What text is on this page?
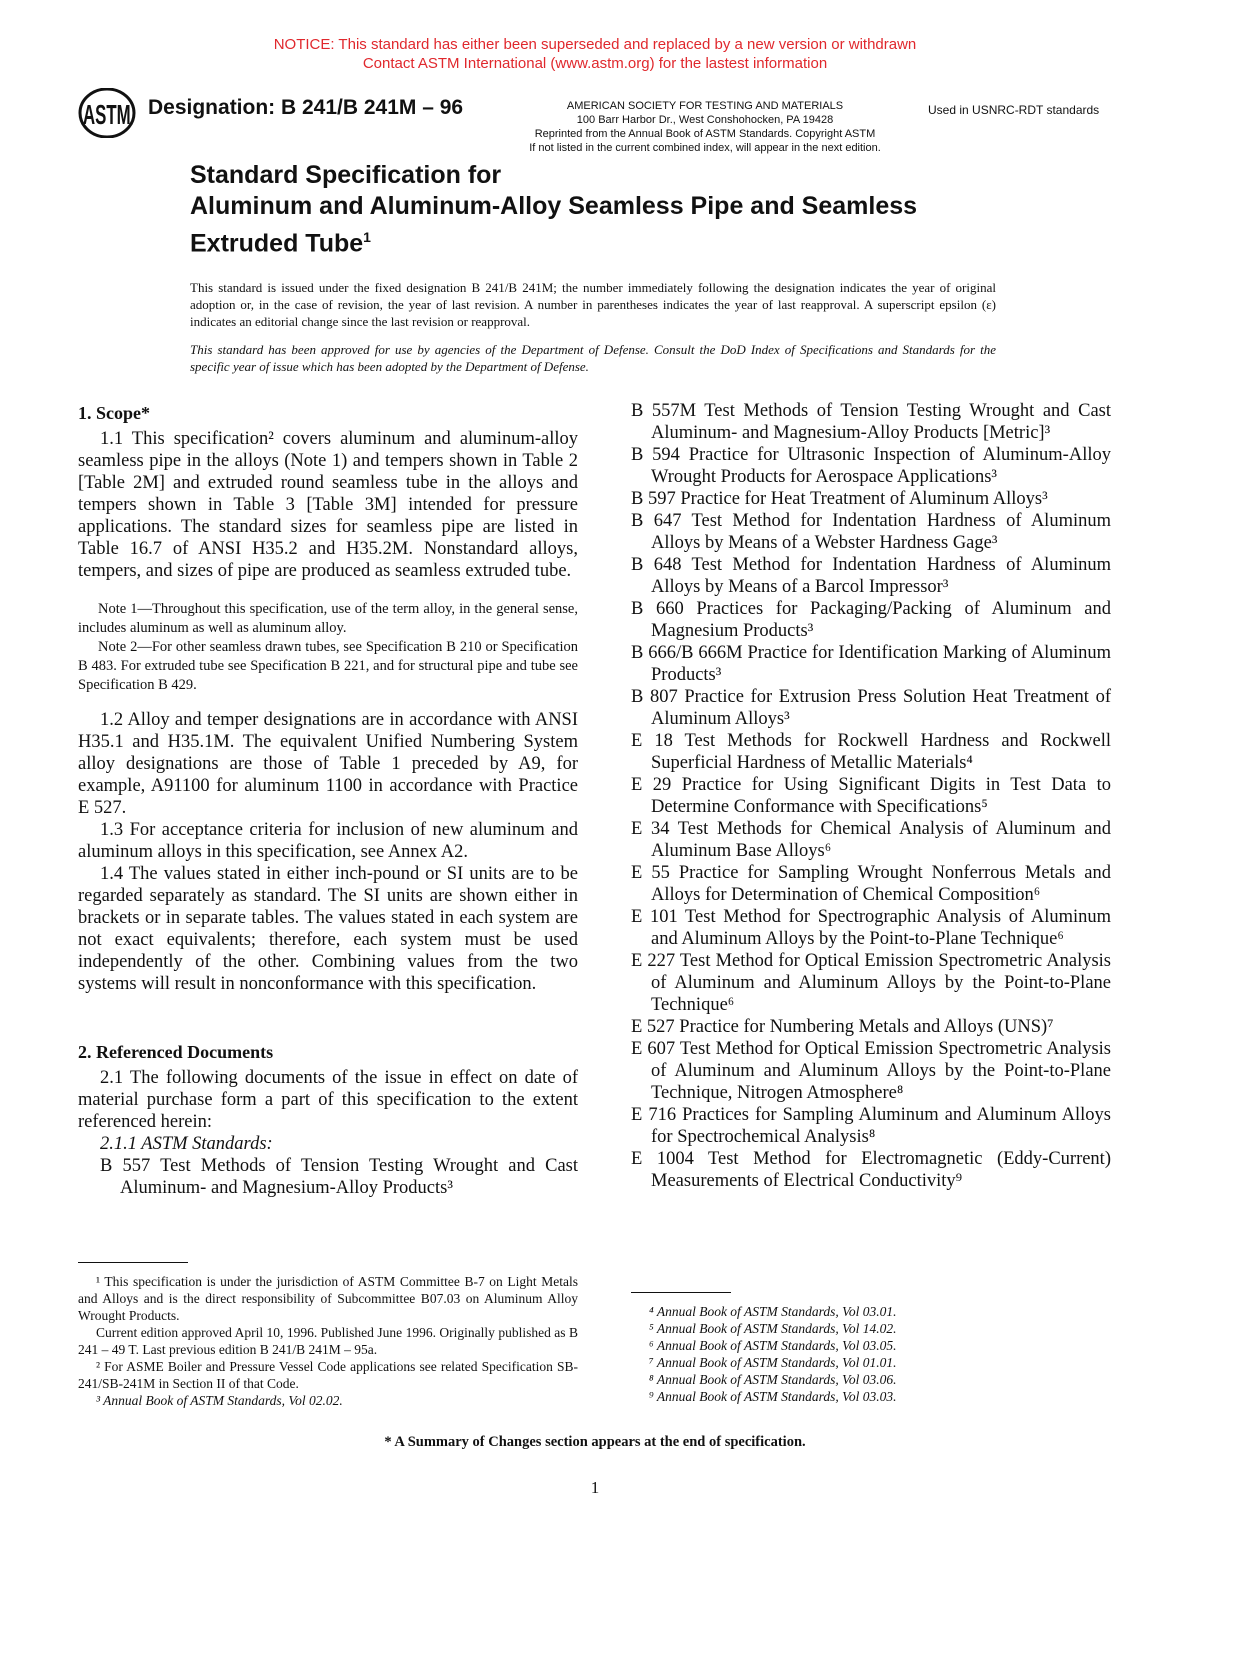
NOTICE: This standard has either been superseded and replaced by a new version or withdrawn
Contact ASTM International (www.astm.org) for the lastest information
ASTM Designation: B 241/B 241M – 96	AMERICAN SOCIETY FOR TESTING AND MATERIALS
100 Barr Harbor Dr., West Conshohocken, PA 19428
Reprinted from the Annual Book of ASTM Standards. Copyright ASTM
If not listed in the current combined index, will appear in the next edition.
Used in USNRC-RDT standards
Standard Specification for
Aluminum and Aluminum-Alloy Seamless Pipe and Seamless
Extruded Tube$^1$
This standard is issued under the fixed designation B 241/B 241M; the number immediately following the designation indicates the year of original adoption or, in the case of revision, the year of last revision. A number in parentheses indicates the year of last reapproval. A superscript epsilon (ε) indicates an editorial change since the last revision or reapproval.
This standard has been approved for use by agencies of the Department of Defense. Consult the DoD Index of Specifications and Standards for the specific year of issue which has been adopted by the Department of Defense.

1. Scope*

1.1 This specification² covers aluminum and aluminum-alloy seamless pipe in the alloys (Note 1) and tempers shown in Table 2 [Table 2M] and extruded round seamless tube in the alloys and tempers shown in Table 3 [Table 3M] intended for pressure applications. The standard sizes for seamless pipe are listed in Table 16.7 of ANSI H35.2 and H35.2M. Nonstandard alloys, tempers, and sizes of pipe are produced as seamless extruded tube.

Note 1—Throughout this specification, use of the term alloy, in the general sense, includes aluminum as well as aluminum alloy.

Note 2—For other seamless drawn tubes, see Specification B 210 or Specification B 483. For extruded tube see Specification B 221, and for structural pipe and tube see Specification B 429.

1.2 Alloy and temper designations are in accordance with ANSI H35.1 and H35.1M. The equivalent Unified Numbering System alloy designations are those of Table 1 preceded by A9, for example, A91100 for aluminum 1100 in accordance with Practice E 527.

1.3 For acceptance criteria for inclusion of new aluminum and aluminum alloys in this specification, see Annex A2.

1.4 The values stated in either inch-pound or SI units are to be regarded separately as standard. The SI units are shown either in brackets or in separate tables. The values stated in each system are not exact equivalents; therefore, each system must be used independently of the other. Combining values from the two systems will result in nonconformance with this specification.

2. Referenced Documents

2.1 The following documents of the issue in effect on date of material purchase form a part of this specification to the extent referenced herein:

2.1.1 ASTM Standards:

B 557 Test Methods of Tension Testing Wrought and Cast Aluminum- and Magnesium-Alloy Products³

¹ This specification is under the jurisdiction of ASTM Committee B-7 on Light Metals and Alloys and is the direct responsibility of Subcommittee B07.03 on Aluminum Alloy Wrought Products.

Current edition approved April 10, 1996. Published June 1996. Originally published as B 241 – 49 T. Last previous edition B 241/B 241M – 95a.

² For ASME Boiler and Pressure Vessel Code applications see related Specification SB-241/SB-241M in Section II of that Code.

³ Annual Book of ASTM Standards, Vol 02.02.

B 557M Test Methods of Tension Testing Wrought and Cast Aluminum- and Magnesium-Alloy Products [Metric]³

B 594 Practice for Ultrasonic Inspection of Aluminum-Alloy Wrought Products for Aerospace Applications³

B 597 Practice for Heat Treatment of Aluminum Alloys³

B 647 Test Method for Indentation Hardness of Aluminum Alloys by Means of a Webster Hardness Gage³

B 648 Test Method for Indentation Hardness of Aluminum Alloys by Means of a Barcol Impressor³

B 660 Practices for Packaging/Packing of Aluminum and Magnesium Products³

B 666/B 666M Practice for Identification Marking of Aluminum Products³

B 807 Practice for Extrusion Press Solution Heat Treatment of Aluminum Alloys³

E 18 Test Methods for Rockwell Hardness and Rockwell Superficial Hardness of Metallic Materials⁴

E 29 Practice for Using Significant Digits in Test Data to Determine Conformance with Specifications⁵

E 34 Test Methods for Chemical Analysis of Aluminum and Aluminum Base Alloys⁶

E 55 Practice for Sampling Wrought Nonferrous Metals and Alloys for Determination of Chemical Composition⁶

E 101 Test Method for Spectrographic Analysis of Aluminum and Aluminum Alloys by the Point-to-Plane Technique⁶

E 227 Test Method for Optical Emission Spectrometric Analysis of Aluminum and Aluminum Alloys by the Point-to-Plane Technique⁶

E 527 Practice for Numbering Metals and Alloys (UNS)⁷

E 607 Test Method for Optical Emission Spectrometric Analysis of Aluminum and Aluminum Alloys by the Point-to-Plane Technique, Nitrogen Atmosphere⁸

E 716 Practices for Sampling Aluminum and Aluminum Alloys for Spectrochemical Analysis⁸

E 1004 Test Method for Electromagnetic (Eddy-Current) Measurements of Electrical Conductivity⁹

⁴ Annual Book of ASTM Standards, Vol 03.01.

⁵ Annual Book of ASTM Standards, Vol 14.02.

⁶ Annual Book of ASTM Standards, Vol 03.05.

⁷ Annual Book of ASTM Standards, Vol 01.01.

⁸ Annual Book of ASTM Standards, Vol 03.06.

⁹ Annual Book of ASTM Standards, Vol 03.03.

* A Summary of Changes section appears at the end of specification.
1
